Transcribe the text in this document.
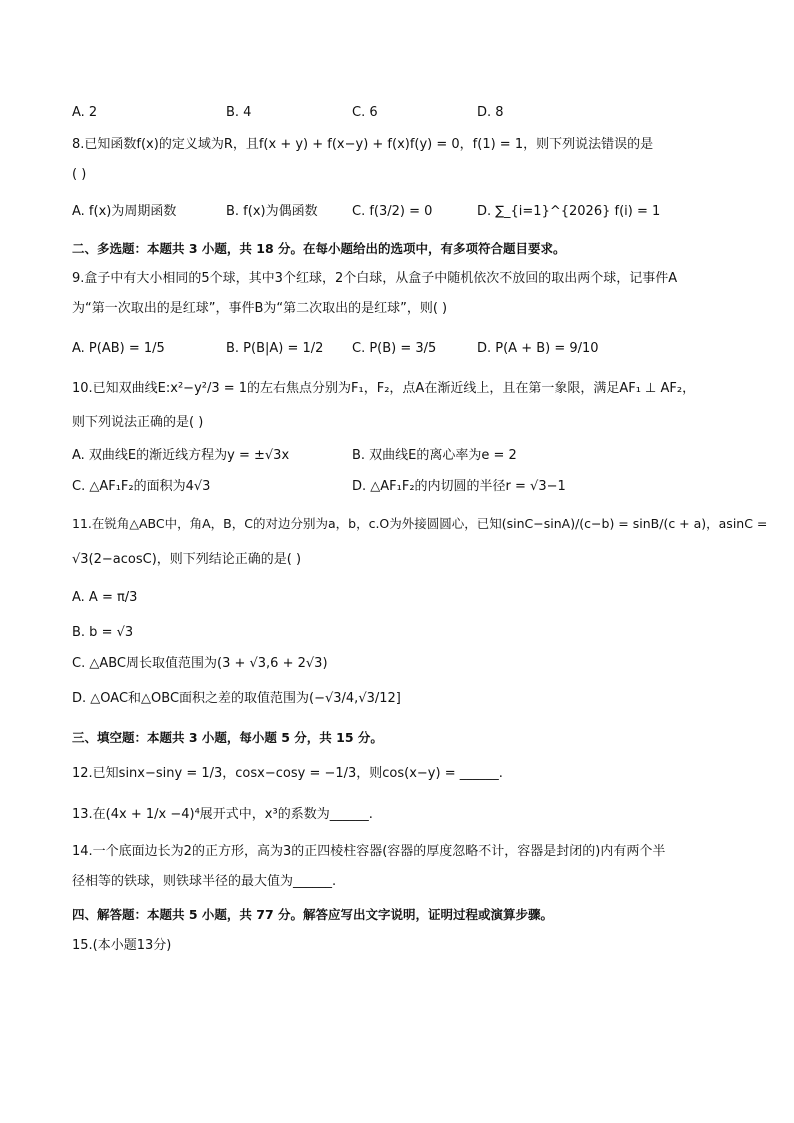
A. 2	B. 4	C. 6	D. 8
8.已知函数f(x)的定义域为R，且f(x + y) + f(x−y) + f(x)f(y) = 0，f(1) = 1，则下列说法错误的是
( )
A. f(x)为周期函数	B. f(x)为偶函数	C. f(3/2) = 0	D. ∑_{i=1}^{2026} f(i) = 1
二、多选题：本题共 3 小题，共 18 分。在每小题给出的选项中，有多项符合题目要求。
9.盒子中有大小相同的5个球，其中3个红球，2个白球，从盒子中随机依次不放回的取出两个球，记事件A
为“第一次取出的是红球”，事件B为“第二次取出的是红球”，则( )
A. P(AB) = 1/5	B. P(B|A) = 1/2 C. P(B) = 3/5	D. P(A + B) = 9/10
10.已知双曲线E:x²−y²/3 = 1的左右焦点分别为F₁，F₂，点A在渐近线上，且在第一象限，满足AF₁ ⊥ AF₂，
则下列说法正确的是( )
A. 双曲线E的渐近线方程为y = ±√3x	B. 双曲线E的离心率为e = 2
C. △AF₁F₂的面积为4√3	D. △AF₁F₂的内切圆的半径r = √3−1
11.在锐角△ABC中，角A，B，C的对边分别为a，b，c.O为外接圆圆心，已知(sinC−sinA)/(c−b) = sinB/(c + a)，asinC =
√3(2−acosC)，则下列结论正确的是( )
A. A = π/3
B. b = √3
C. △ABC周长取值范围为(3 + √3,6 + 2√3)
D. △OAC和△OBC面积之差的取值范围为(−√3/4,√3/12]
三、填空题：本题共 3 小题，每小题 5 分，共 15 分。
12.已知sinx−siny = 1/3，cosx−cosy = −1/3，则cos(x−y) = ______.
13.在(4x + 1/x −4)⁴展开式中，x³的系数为______.
14.一个底面边长为2的正方形，高为3的正四棱柱容器(容器的厚度忽略不计，容器是封闭的)内有两个半
径相等的铁球，则铁球半径的最大值为______.
四、解答题：本题共 5 小题，共 77 分。解答应写出文字说明，证明过程或演算步骤。
15.(本小题13分)
